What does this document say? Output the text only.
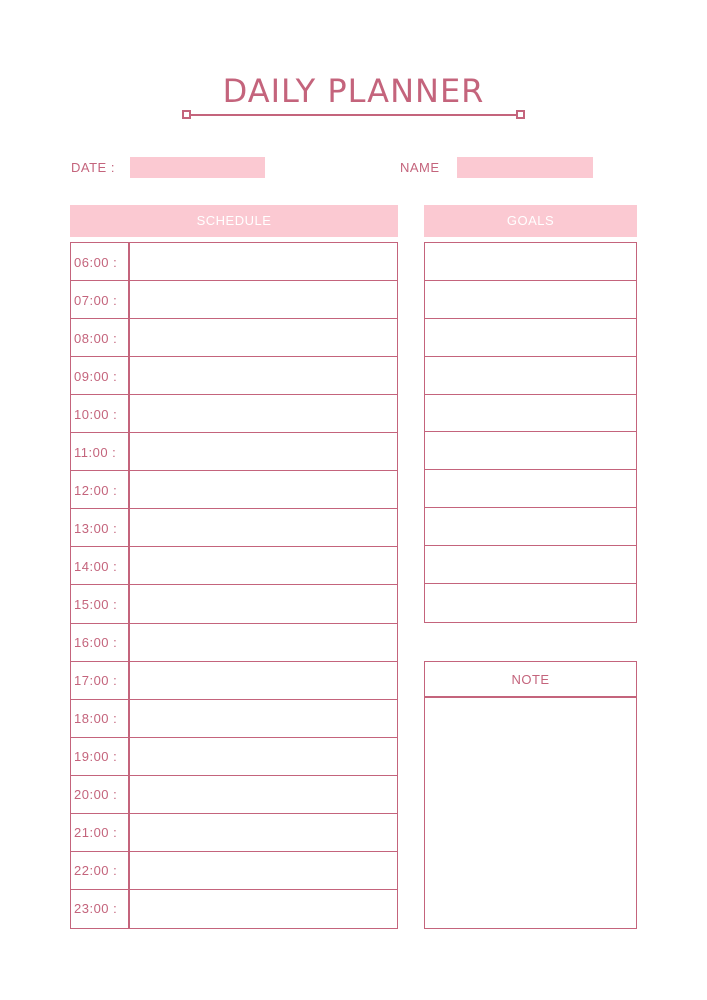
DAILY PLANNER
DATE :	NAME
SCHEDULE	GOALS
06:00 :
07:00 :
08:00 :
09:00 :
10:00 :
11:00 :
12:00 :
13:00 :
14:00 :
15:00 :
16:00 :
17:00 :
18:00 :
19:00 :
20:00 :
21:00 :
22:00 :
23:00 :
NOTE
